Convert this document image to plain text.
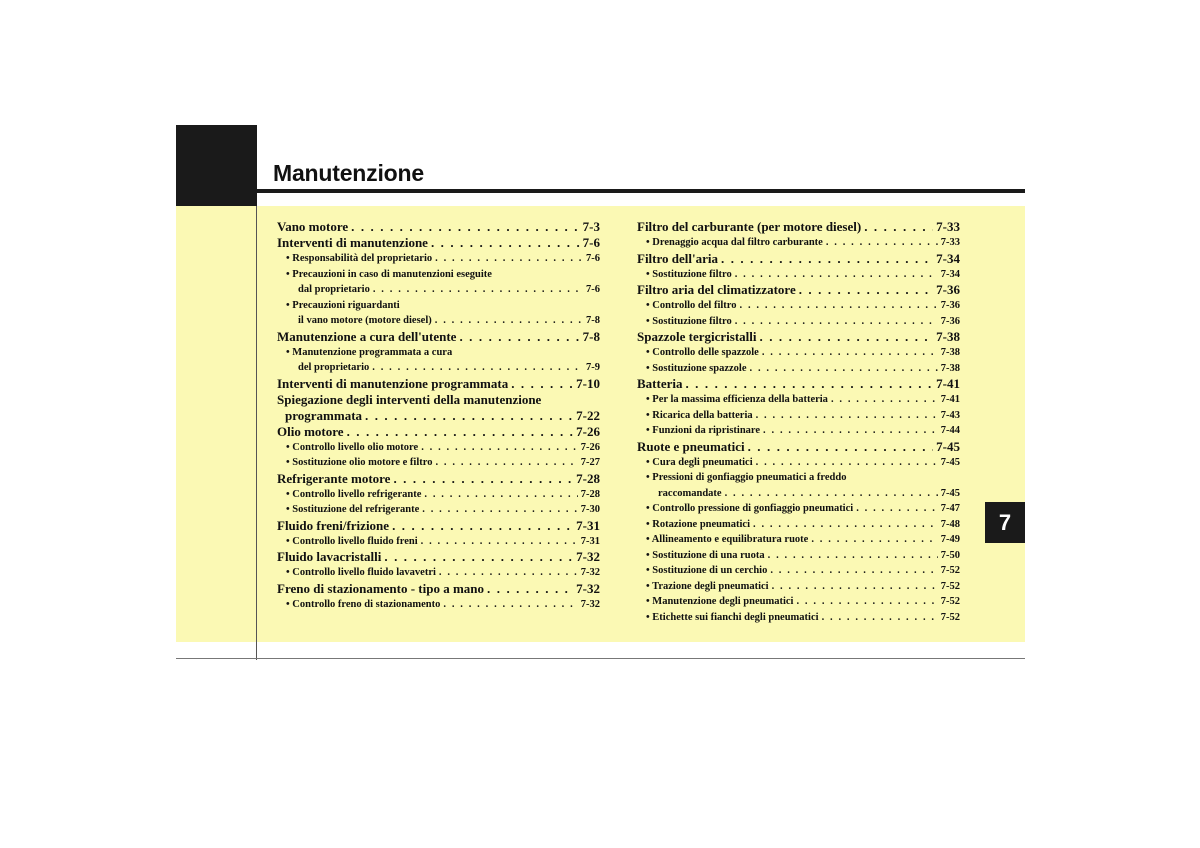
Manutenzione
Vano motore . . .	7-3
Interventi di manutenzione . . .	7-6
• Responsabilità del proprietario . . .	7-6
• Precauzioni in caso di manutenzioni eseguite
dal proprietario . . .	7-6
• Precauzioni riguardanti
il vano motore (motore diesel) . . .	7-8
Manutenzione a cura dell'utente . . .	7-8
• Manutenzione programmata a cura
del proprietario . . .	7-9
Interventi di manutenzione programmata . . .	7-10
Spiegazione degli interventi della manutenzione
programmata . . .	7-22
Olio motore . . .	7-26
• Controllo livello olio motore . . .	7-26
• Sostituzione olio motore e filtro . . .	7-27
Refrigerante motore . . .	7-28
• Controllo livello refrigerante . . .	7-28
• Sostituzione del refrigerante . . .	7-30
Fluido freni/frizione . . .	7-31
• Controllo livello fluido freni . . .	7-31
Fluido lavacristalli . . .	7-32
• Controllo livello fluido lavavetri . . .	7-32
Freno di stazionamento - tipo a mano . . .	7-32
• Controllo freno di stazionamento . . .	7-32
Filtro del carburante (per motore diesel) . . .	7-33
• Drenaggio acqua dal filtro carburante . . .	7-33
Filtro dell'aria . . .	7-34
• Sostituzione filtro . . .	7-34
Filtro aria del climatizzatore . . .	7-36
• Controllo del filtro . . .	7-36
• Sostituzione filtro . . .	7-36
Spazzole tergicristalli . . .	7-38
• Controllo delle spazzole . . .	7-38
• Sostituzione spazzole . . .	7-38
Batteria . . .	7-41
• Per la massima efficienza della batteria . . .	7-41
• Ricarica della batteria . . .	7-43
• Funzioni da ripristinare . . .	7-44
Ruote e pneumatici . . .	7-45
• Cura degli pneumatici . . .	7-45
• Pressioni di gonfiaggio pneumatici a freddo
raccomandate . . .	7-45
• Controllo pressione di gonfiaggio pneumatici . . .	7-47
• Rotazione pneumatici . . .	7-48
• Allineamento e equilibratura ruote . . .	7-49
• Sostituzione di una ruota . . .	7-50
• Sostituzione di un cerchio . . .	7-52
• Trazione degli pneumatici . . .	7-52
• Manutenzione degli pneumatici . . .	7-52
• Etichette sui fianchi degli pneumatici . . .	7-52
7
